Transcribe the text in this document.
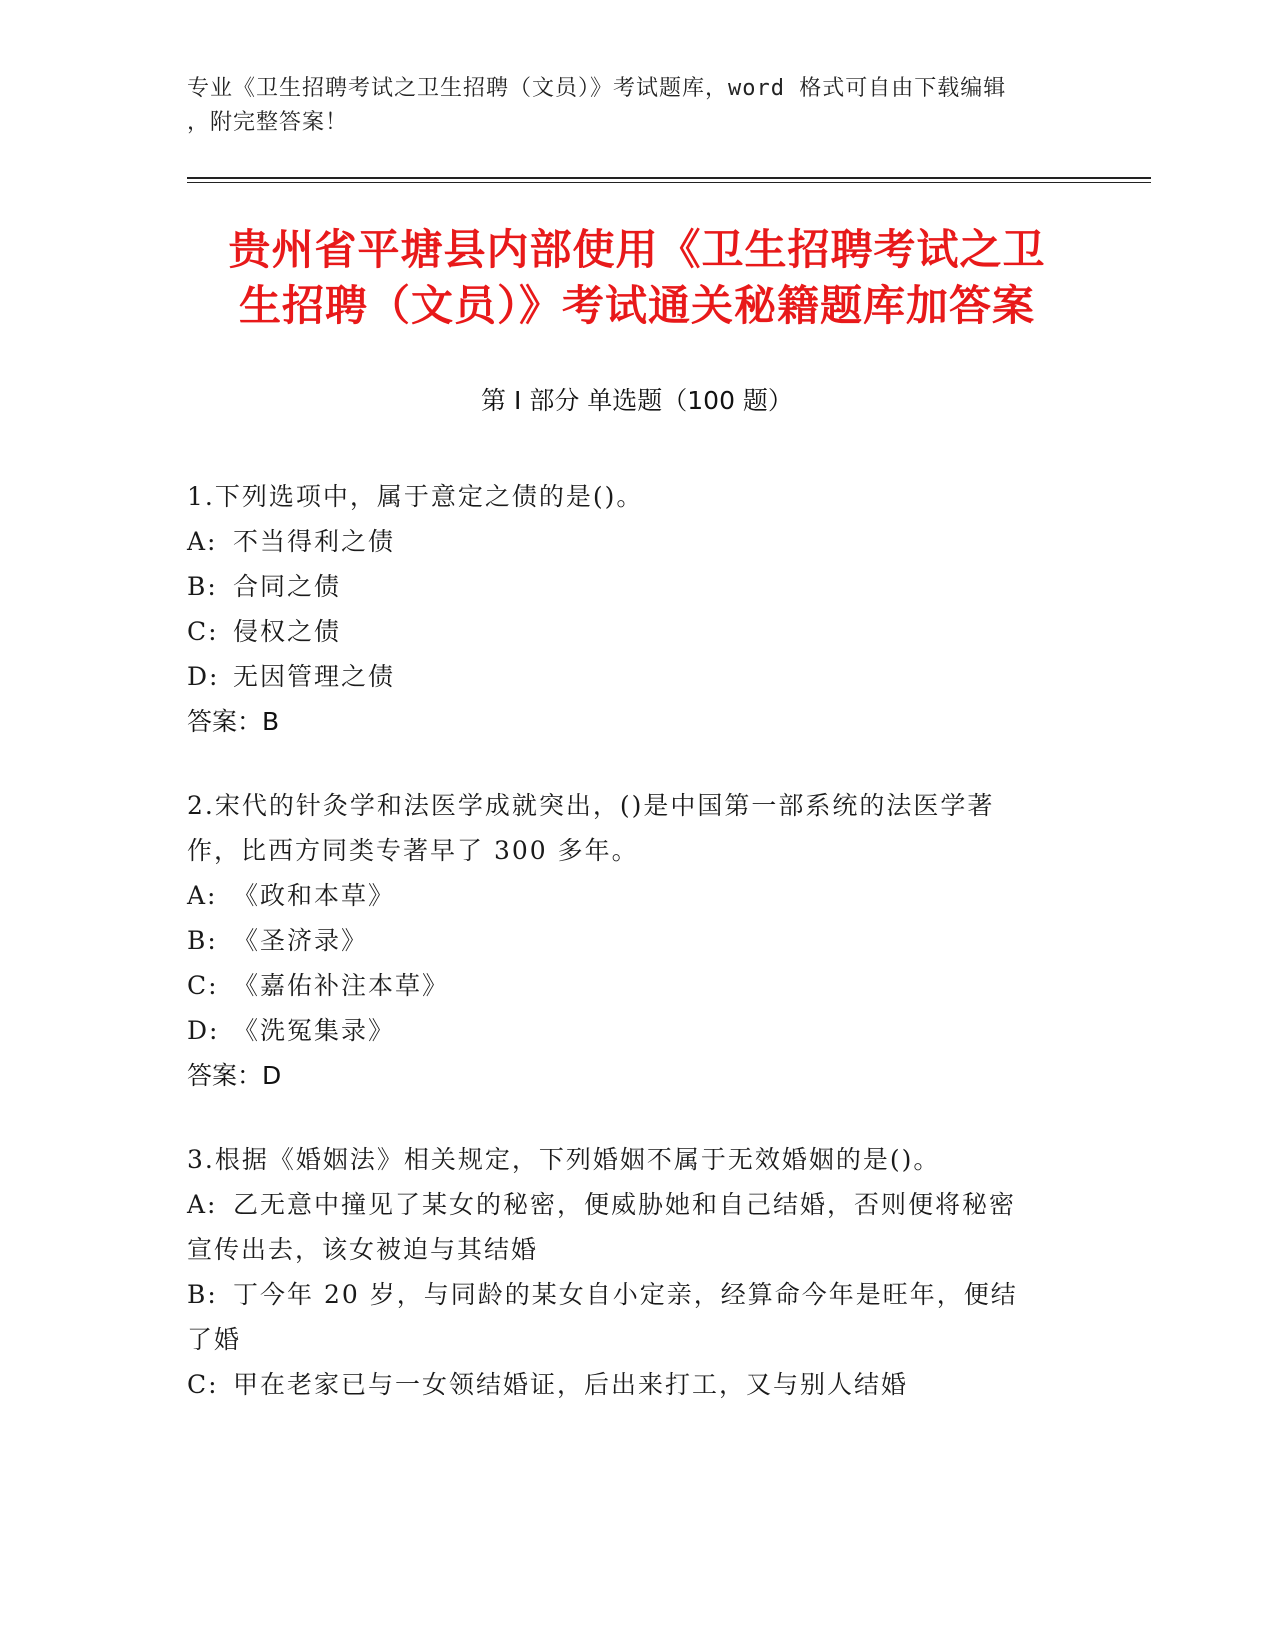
专业《卫生招聘考试之卫生招聘（文员）》考试题库，word 格式可自由下载编辑
，附完整答案！
贵州省平塘县内部使用《卫生招聘考试之卫
生招聘（文员）》考试通关秘籍题库加答案
第 I 部分 单选题（100 题）
1.下列选项中，属于意定之债的是()。
A: 不当得利之债
B: 合同之债
C: 侵权之债
D: 无因管理之债
答案：B
2.宋代的针灸学和法医学成就突出，()是中国第一部系统的法医学著
作，比西方同类专著早了 300 多年。
A: 《政和本草》
B: 《圣济录》
C: 《嘉佑补注本草》
D: 《洗冤集录》
答案：D
3.根据《婚姻法》相关规定，下列婚姻不属于无效婚姻的是()。
A: 乙无意中撞见了某女的秘密，便威胁她和自己结婚，否则便将秘密
宣传出去，该女被迫与其结婚
B: 丁今年 20 岁，与同龄的某女自小定亲，经算命今年是旺年，便结
了婚
C: 甲在老家已与一女领结婚证，后出来打工，又与别人结婚
